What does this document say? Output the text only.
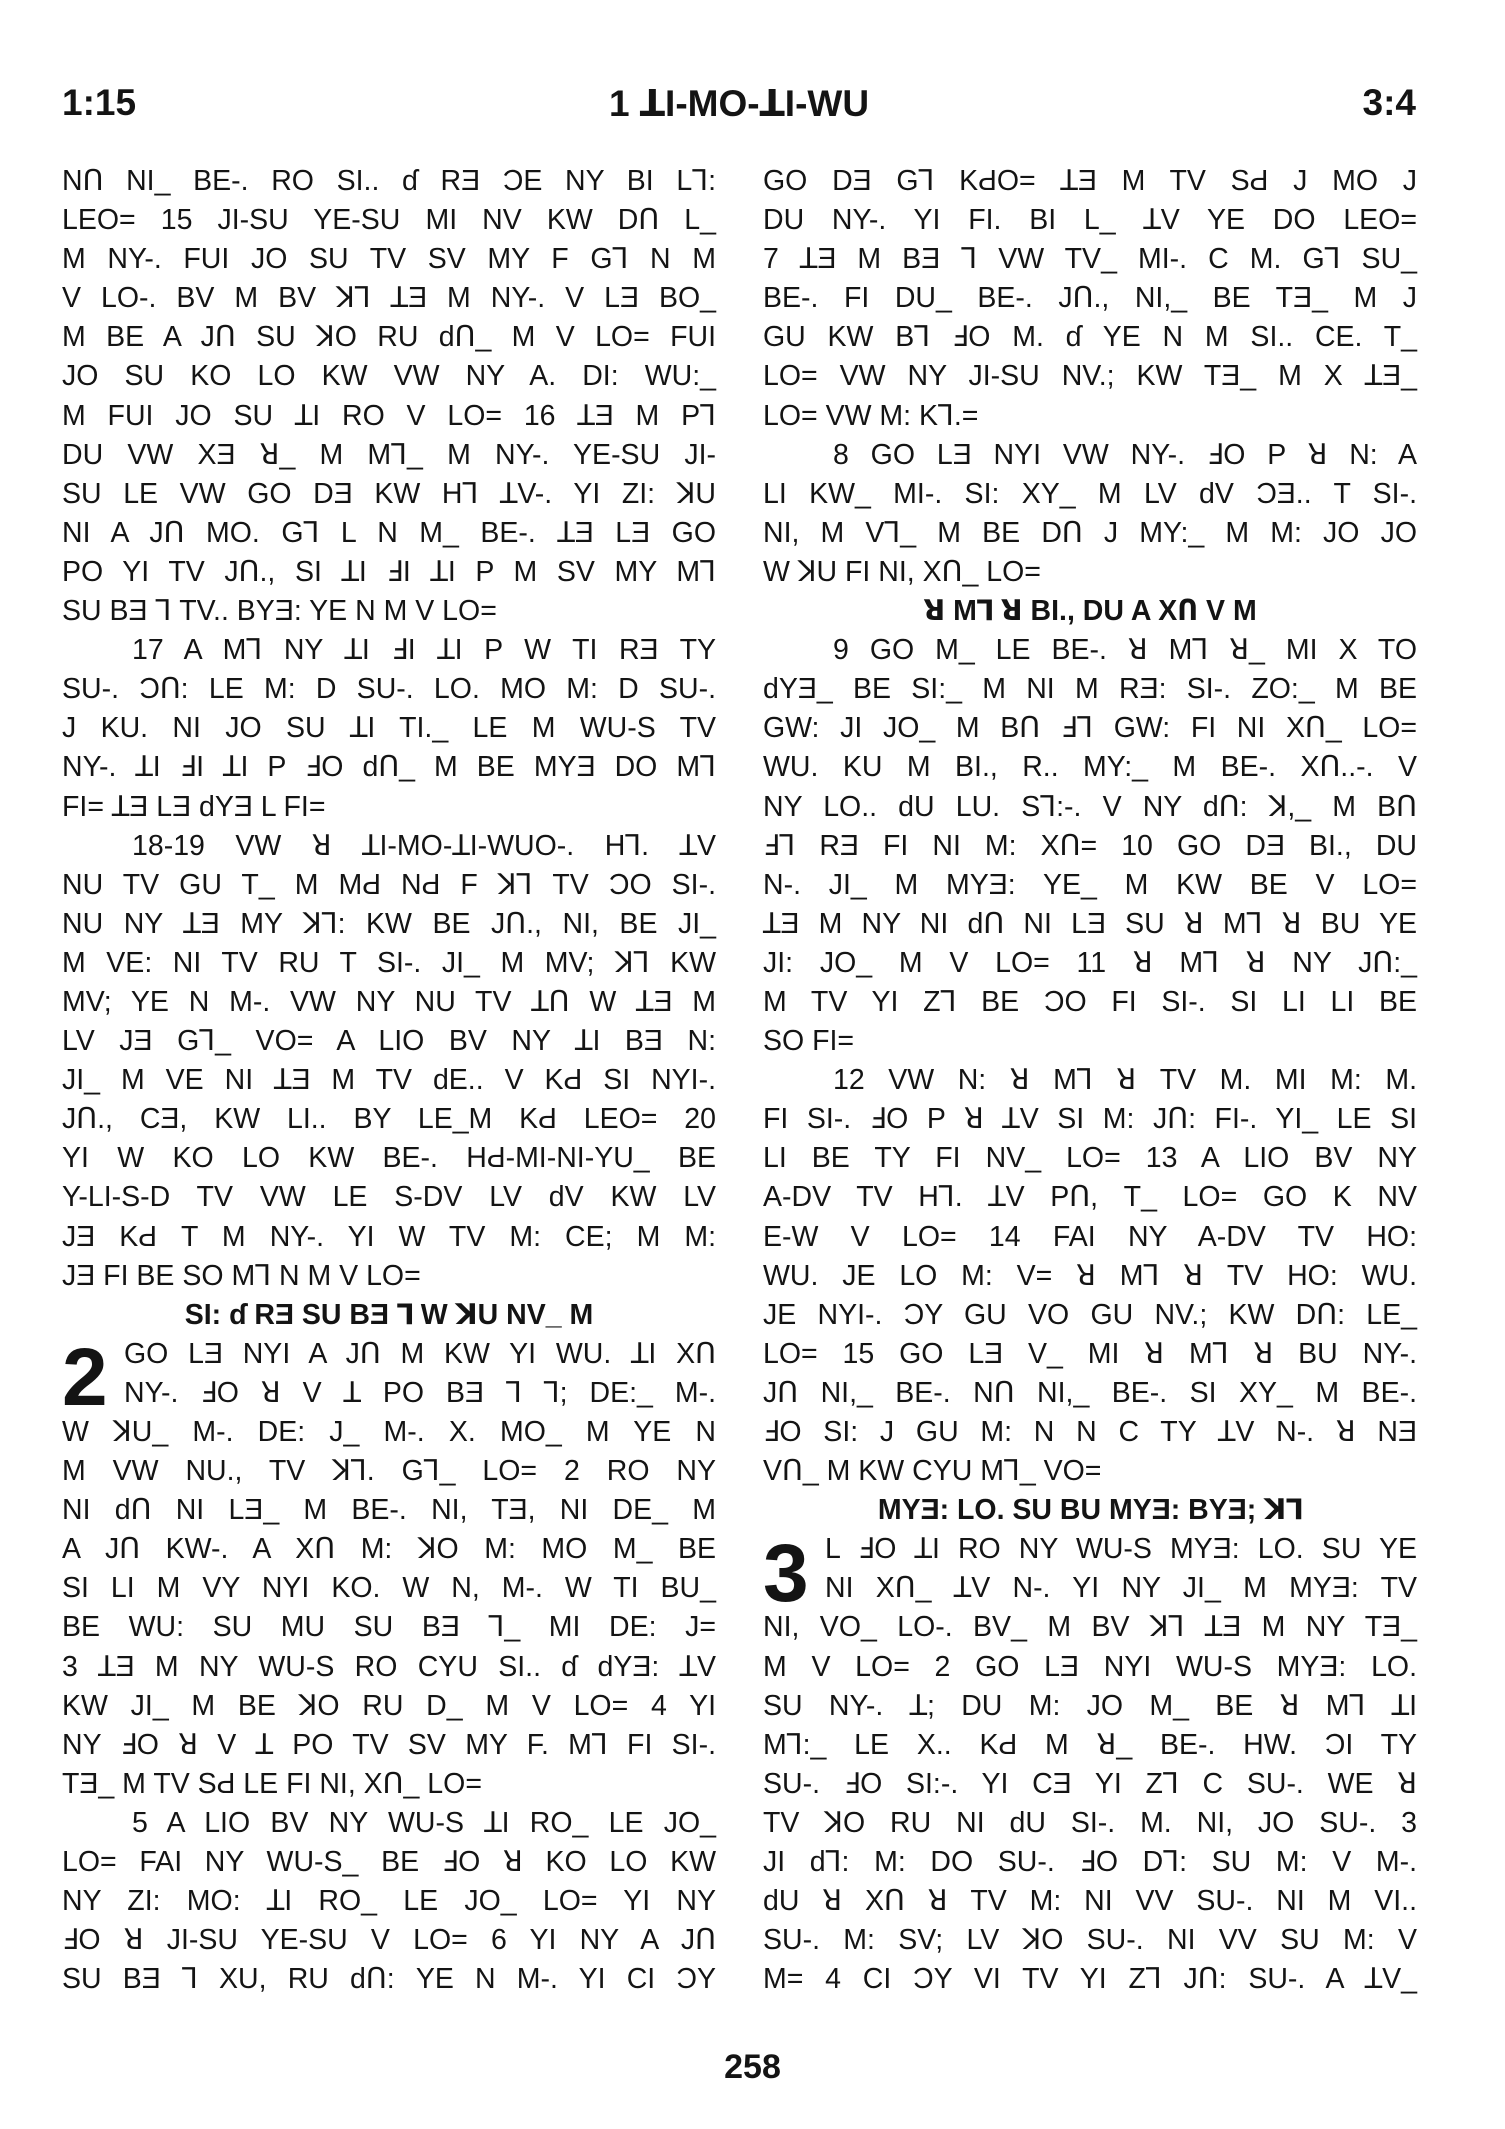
1:15	1 ꓕI-MO-ꓕI-WU	3:4
NՈ NI_ BE-. RO SI.. ɗ RƎ ƆE NY BI Lꓶ:
LEO= 15 JI-SU YE-SU MI NV KW DՈ L_
M NY-. FUI JO SU TV SV MY F Gꓶ N M
V LO-. BV M BV ꓘꓶ ꓕƎ M NY-. V LƎ BO_
M BE A JՈ SU ꓘO RU ԁՈ_ M V LO= FUI
JO SU KO LO KW VW NY A. DI: WU:_
M FUI JO SU ꓕI RO V LO= 16 ꓕƎ M Pꓶ
DU VW XƎ ꓤ_ M Mꓶ_ M NY-. YE-SU JI-
SU LE VW GO DƎ KW Hꓶ ꓕV-. YI ZI: ꓘU
NI A JՈ MO. Gꓶ L N M_ BE-. ꓕƎ LƎ GO
PO YI TV JՈ., SI ꓕI ꓞI ꓕI P M SV MY Mꓶ
SU BƎ ꓶ TV.. BYƎ: YE N M V LO=
17 A Mꓶ NY ꓕI ꓞI ꓕI P W TI RƎ TY
SU-. ƆՈ: LE M: D SU-. LO. MO M: D SU-.
J KU. NI JO SU ꓕI TI._ LE M WU-S TV
NY-. ꓕI ꓞI ꓕI P ꓞO ԁՈ_ M BE MYƎ DO Mꓶ
FI= ꓕƎ LƎ ԁYƎ L FI=
18-19 VW ꓤ ꓕI-MO-ꓕI-WUO-. Hꓶ. ꓕV
NU TV GU T_ M MԀ NԀ F ꓘꓶ TV ƆO SI-.
NU NY ꓕƎ MY ꓘꓶ: KW BE JՈ., NI, BE JI_
M VE: NI TV RU T SI-. JI_ M MV; ꓘꓶ KW
MV; YE N M-. VW NY NU TV ꓕՈ W ꓕƎ M
LV JƎ Gꓶ_ VO= A LIO BV NY ꓕI BƎ N:
JI_ M VE NI ꓕƎ M TV ԁE.. V KԀ SI NYI-.
JՈ., CƎ, KW LI.. BY LE_M KԀ LEO= 20
YI W KO LO KW BE-. HԀ-MI-NI-YU_ BE
Y-LI-S-D TV VW LE S-DV LV ԁV KW LV
JƎ KԀ T M NY-. YI W TV M: CE; M M:
JƎ FI BE SO Mꓶ N M V LO=
SI: ɗ RƎ SU BƎ ꓶ W ꓘU NV_ M
2 GO LƎ NYI A JՈ M KW YI WU. ꓕI XՈ
NY-. ꓞO ꓤ V ꓕ PO BƎ ꓶ ꓶ; DE:_ M-.
W ꓘU_ M-. DE: J_ M-. X. MO_ M YE N
M VW NU., TV ꓘꓶ. Gꓶ_ LO= 2 RO NY
NI ԁՈ NI LƎ_ M BE-. NI, TƎ, NI DE_ M
A JՈ KW-. A XՈ M: ꓘO M: MO M_ BE
SI LI M VY NYI KO. W N, M-. W TI BU_
BE WU: SU MU SU BƎ ꓶ_ MI DE: J=
3 ꓕƎ M NY WU-S RO CYU SI.. ɗ ԁYƎ: ꓕV
KW JI_ M BE ꓘO RU D_ M V LO= 4 YI
NY ꓞO ꓤ V ꓕ PO TV SV MY F. Mꓶ FI SI-.
TƎ_ M TV SԀ LE FI NI, XՈ_ LO=
5 A LIO BV NY WU-S ꓕI RO_ LE JO_
LO= FAI NY WU-S_ BE ꓞO ꓤ KO LO KW
NY ZI: MO: ꓕI RO_ LE JO_ LO= YI NY
ꓞO ꓤ JI-SU YE-SU V LO= 6 YI NY A JՈ
SU BƎ ꓶ XU, RU ԁՈ: YE N M-. YI CI ƆY
GO DƎ Gꓶ KԀO= ꓕƎ M TV SԀ J MO J
DU NY-. YI FI. BI L_ ꓕV YE DO LEO=
7 ꓕƎ M BƎ ꓶ VW TV_ MI-. C M. Gꓶ SU_
BE-. FI DU_ BE-. JՈ., NI,_ BE TƎ_ M J
GU KW Bꓶ ꓞO M. ɗ YE N M SI.. CE. T_
LO= VW NY JI-SU NV.; KW TƎ_ M X ꓕƎ_
LO= VW M: Kꓶ.=
8 GO LƎ NYI VW NY-. ꓞO P ꓤ N: A
LI KW_ MI-. SI: XY_ M LV ԁV ƆƎ.. T SI-.
NI, M Vꓶ_ M BE DՈ J MY:_ M M: JO JO
W ꓘU FI NI, XՈ_ LO=
ꓤ Mꓶ ꓤ BI., DU A XՈ V M
9 GO M_ LE BE-. ꓤ Mꓶ ꓤ_ MI X TO
ԁYƎ_ BE SI:_ M NI M RƎ: SI-. ZO:_ M BE
GW: JI JO_ M BՈ ꓞꓶ GW: FI NI XՈ_ LO=
WU. KU M BI., R.. MY:_ M BE-. XՈ..-. V
NY LO.. ԁU LU. Sꓶ:-. V NY ԁՈ: ꓘ,_ M BՈ
ꓞꓶ RƎ FI NI M: XՈ= 10 GO DƎ BI., DU
N-. JI_ M MYƎ: YE_ M KW BE V LO=
ꓕƎ M NY NI ԁՈ NI LƎ SU ꓤ Mꓶ ꓤ BU YE
JI: JO_ M V LO= 11 ꓤ Mꓶ ꓤ NY JՈ:_
M TV YI Zꓶ BE ƆO FI SI-. SI LI LI BE
SO FI=
12 VW N: ꓤ Mꓶ ꓤ TV M. MI M: M.
FI SI-. ꓞO P ꓤ ꓕV SI M: JՈ: FI-. YI_ LE SI
LI BE TY FI NV_ LO= 13 A LIO BV NY
A-DV TV Hꓶ. ꓕV PՈ, T_ LO= GO K NV
E-W V LO= 14 FAI NY A-DV TV HO:
WU. JE LO M: V= ꓤ Mꓶ ꓤ TV HO: WU.
JE NYI-. ƆY GU VO GU NV.; KW DՈ: LE_
LO= 15 GO LƎ V_ MI ꓤ Mꓶ ꓤ BU NY-.
JՈ NI,_ BE-. NՈ NI,_ BE-. SI XY_ M BE-.
ꓞO SI: J GU M: N N C TY ꓕV N-. ꓤ NƎ
VՈ_ M KW CYU Mꓶ_ VO=
MYƎ: LO. SU BU MYƎ: BYƎ; ꓘꓶ
3 L ꓞO ꓕI RO NY WU-S MYƎ: LO. SU YE
NI XՈ_ ꓕV N-. YI NY JI_ M MYƎ: TV
NI, VO_ LO-. BV_ M BV ꓘꓶ ꓕƎ M NY TƎ_
M V LO= 2 GO LƎ NYI WU-S MYƎ: LO.
SU NY-. ꓕ; DU M: JO M_ BE ꓤ Mꓶ ꓕI
Mꓶ:_ LE X.. KԀ M ꓤ_ BE-. HW. ƆI TY
SU-. ꓞO SI:-. YI CƎ YI Zꓶ C SU-. WE ꓤ
TV ꓘO RU NI ԁU SI-. M. NI, JO SU-. 3
JI ԁꓶ: M: DO SU-. ꓞO Dꓶ: SU M: V M-.
ԁU ꓤ XՈ ꓤ TV M: NI VV SU-. NI M VI..
SU-. M: SV; LV ꓘO SU-. NI VV SU M: V
M= 4 CI ƆY VI TV YI Zꓶ JՈ: SU-. A ꓕV_
258
